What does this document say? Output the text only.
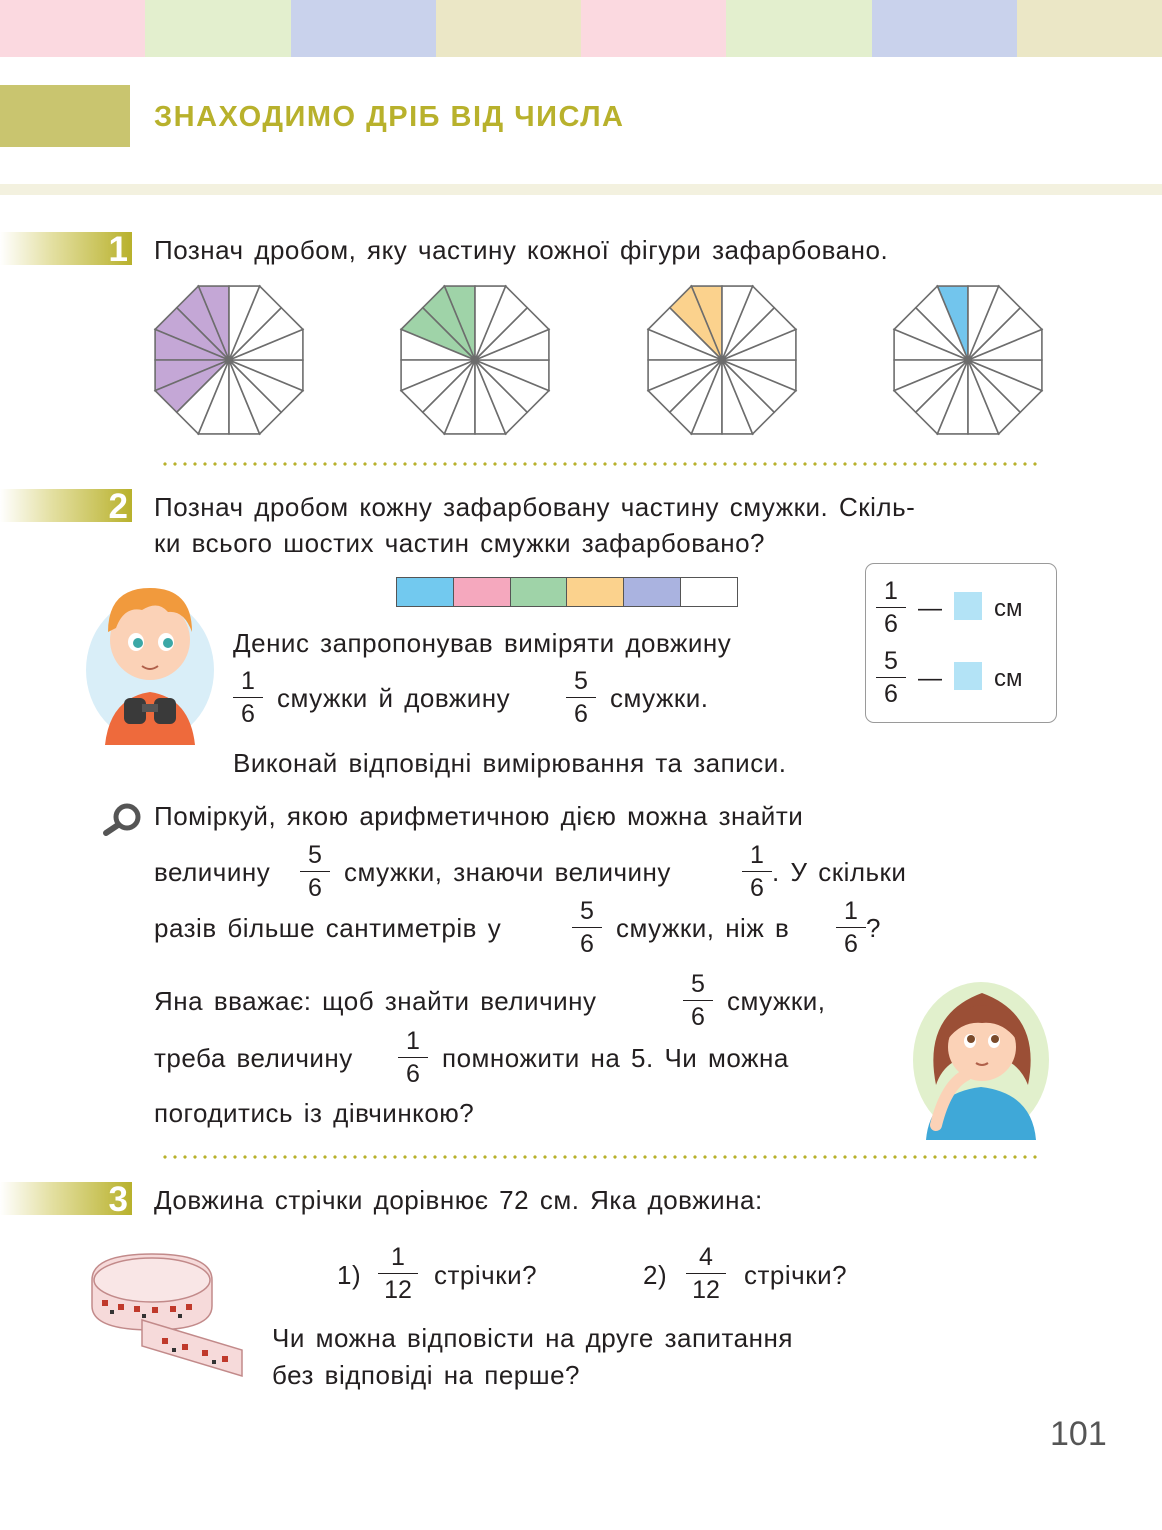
ЗНАХОДИМО ДРІБ ВІД ЧИСЛА
1 Познач дробом, яку частину кожної фігури зафарбовано.
2 Познач дробом кожну зафарбовану частину смужки. Скіль-
ки всього шостих частин смужки зафарбовано?
1
6
— см
5
6
— см
Денис запропонував виміряти довжину
1
6
смужки й довжину
5
6
смужки.
Виконай відповідні вимірювання та записи.
Поміркуй, якою арифметичною дією можна знайти
величину
5
6
смужки, знаючи величину
1
6
. У скільки
разів більше сантиметрів у
5
6
смужки, ніж в
1
6
?
Яна вважає: щоб знайти величину
5
6
смужки,
треба величину
1
6
помножити на 5. Чи можна
погодитись із дівчинкою?
3 Довжина стрічки дорівнює 72 см. Яка довжина:
1)
1
12 стрічки?	2)
4
12 стрічки?
Чи можна відповісти на друге запитання
без відповіді на перше?
101
